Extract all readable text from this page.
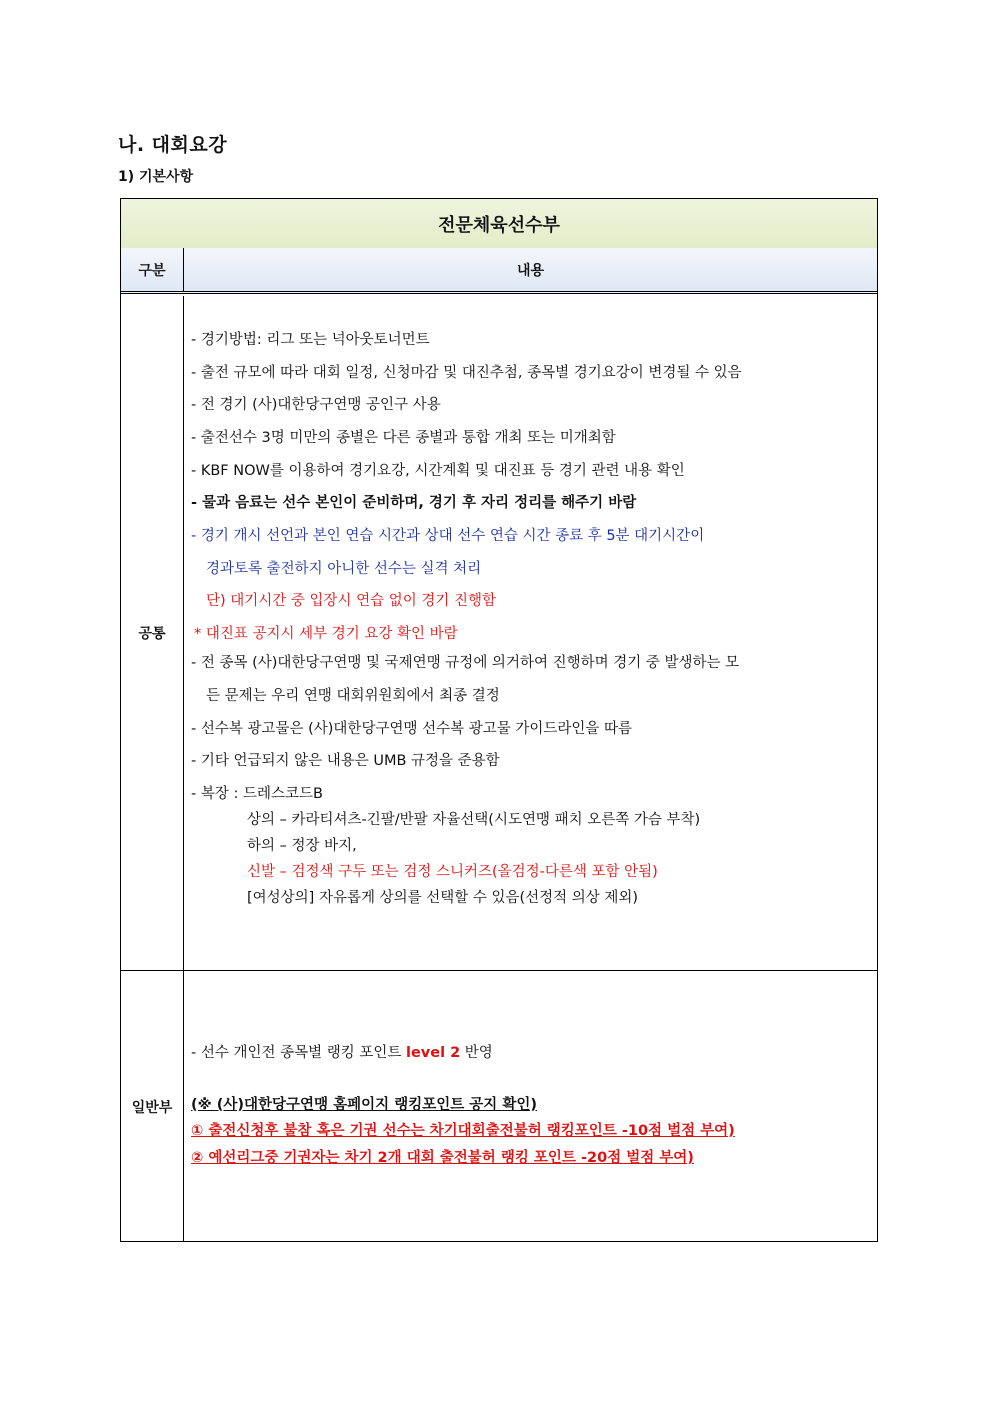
나. 대회요강
1) 기본사항
전문체육선수부
구분	내용
공통
- 경기방법: 리그 또는 넉아웃토너먼트
- 출전 규모에 따라 대회 일정, 신청마감 및 대진추첨, 종목별 경기요강이 변경될 수 있음
- 전 경기 (사)대한당구연맹 공인구 사용
- 출전선수 3명 미만의 종별은 다른 종별과 통합 개최 또는 미개최함
- KBF NOW를 이용하여 경기요강, 시간계획 및 대진표 등 경기 관련 내용 확인
- 물과 음료는 선수 본인이 준비하며, 경기 후 자리 정리를 해주기 바람
- 경기 개시 선언과 본인 연습 시간과 상대 선수 연습 시간 종료 후 5분 대기시간이
경과토록 출전하지 아니한 선수는 실격 처리
단) 대기시간 중 입장시 연습 없이 경기 진행함
* 대진표 공지시 세부 경기 요강 확인 바람
- 전 종목 (사)대한당구연맹 및 국제연맹 규정에 의거하여 진행하며 경기 중 발생하는 모
든 문제는 우리 연맹 대회위원회에서 최종 결정
- 선수복 광고물은 (사)대한당구연맹 선수복 광고물 가이드라인을 따름
- 기타 언급되지 않은 내용은 UMB 규정을 준용함
- 복장 : 드레스코드B
상의 – 카라티셔츠-긴팔/반팔 자율선택(시도연맹 패치 오른쪽 가슴 부착)
하의 – 정장 바지,
신발 – 검정색 구두 또는 검정 스니커즈(올검정-다른색 포함 안됨)
[여성상의] 자유롭게 상의를 선택할 수 있음(선정적 의상 제외)
일반부
- 선수 개인전 종목별 랭킹 포인트 level 2 반영
(※ (사)대한당구연맹 홈페이지 랭킹포인트 공지 확인)
① 출전신청후 불참 혹은 기권 선수는 차기대회출전불허 랭킹포인트 -10점 벌점 부여)
② 예선리그중 기권자는 차기 2개 대회 출전불허 랭킹 포인트 -20점 벌점 부여)
